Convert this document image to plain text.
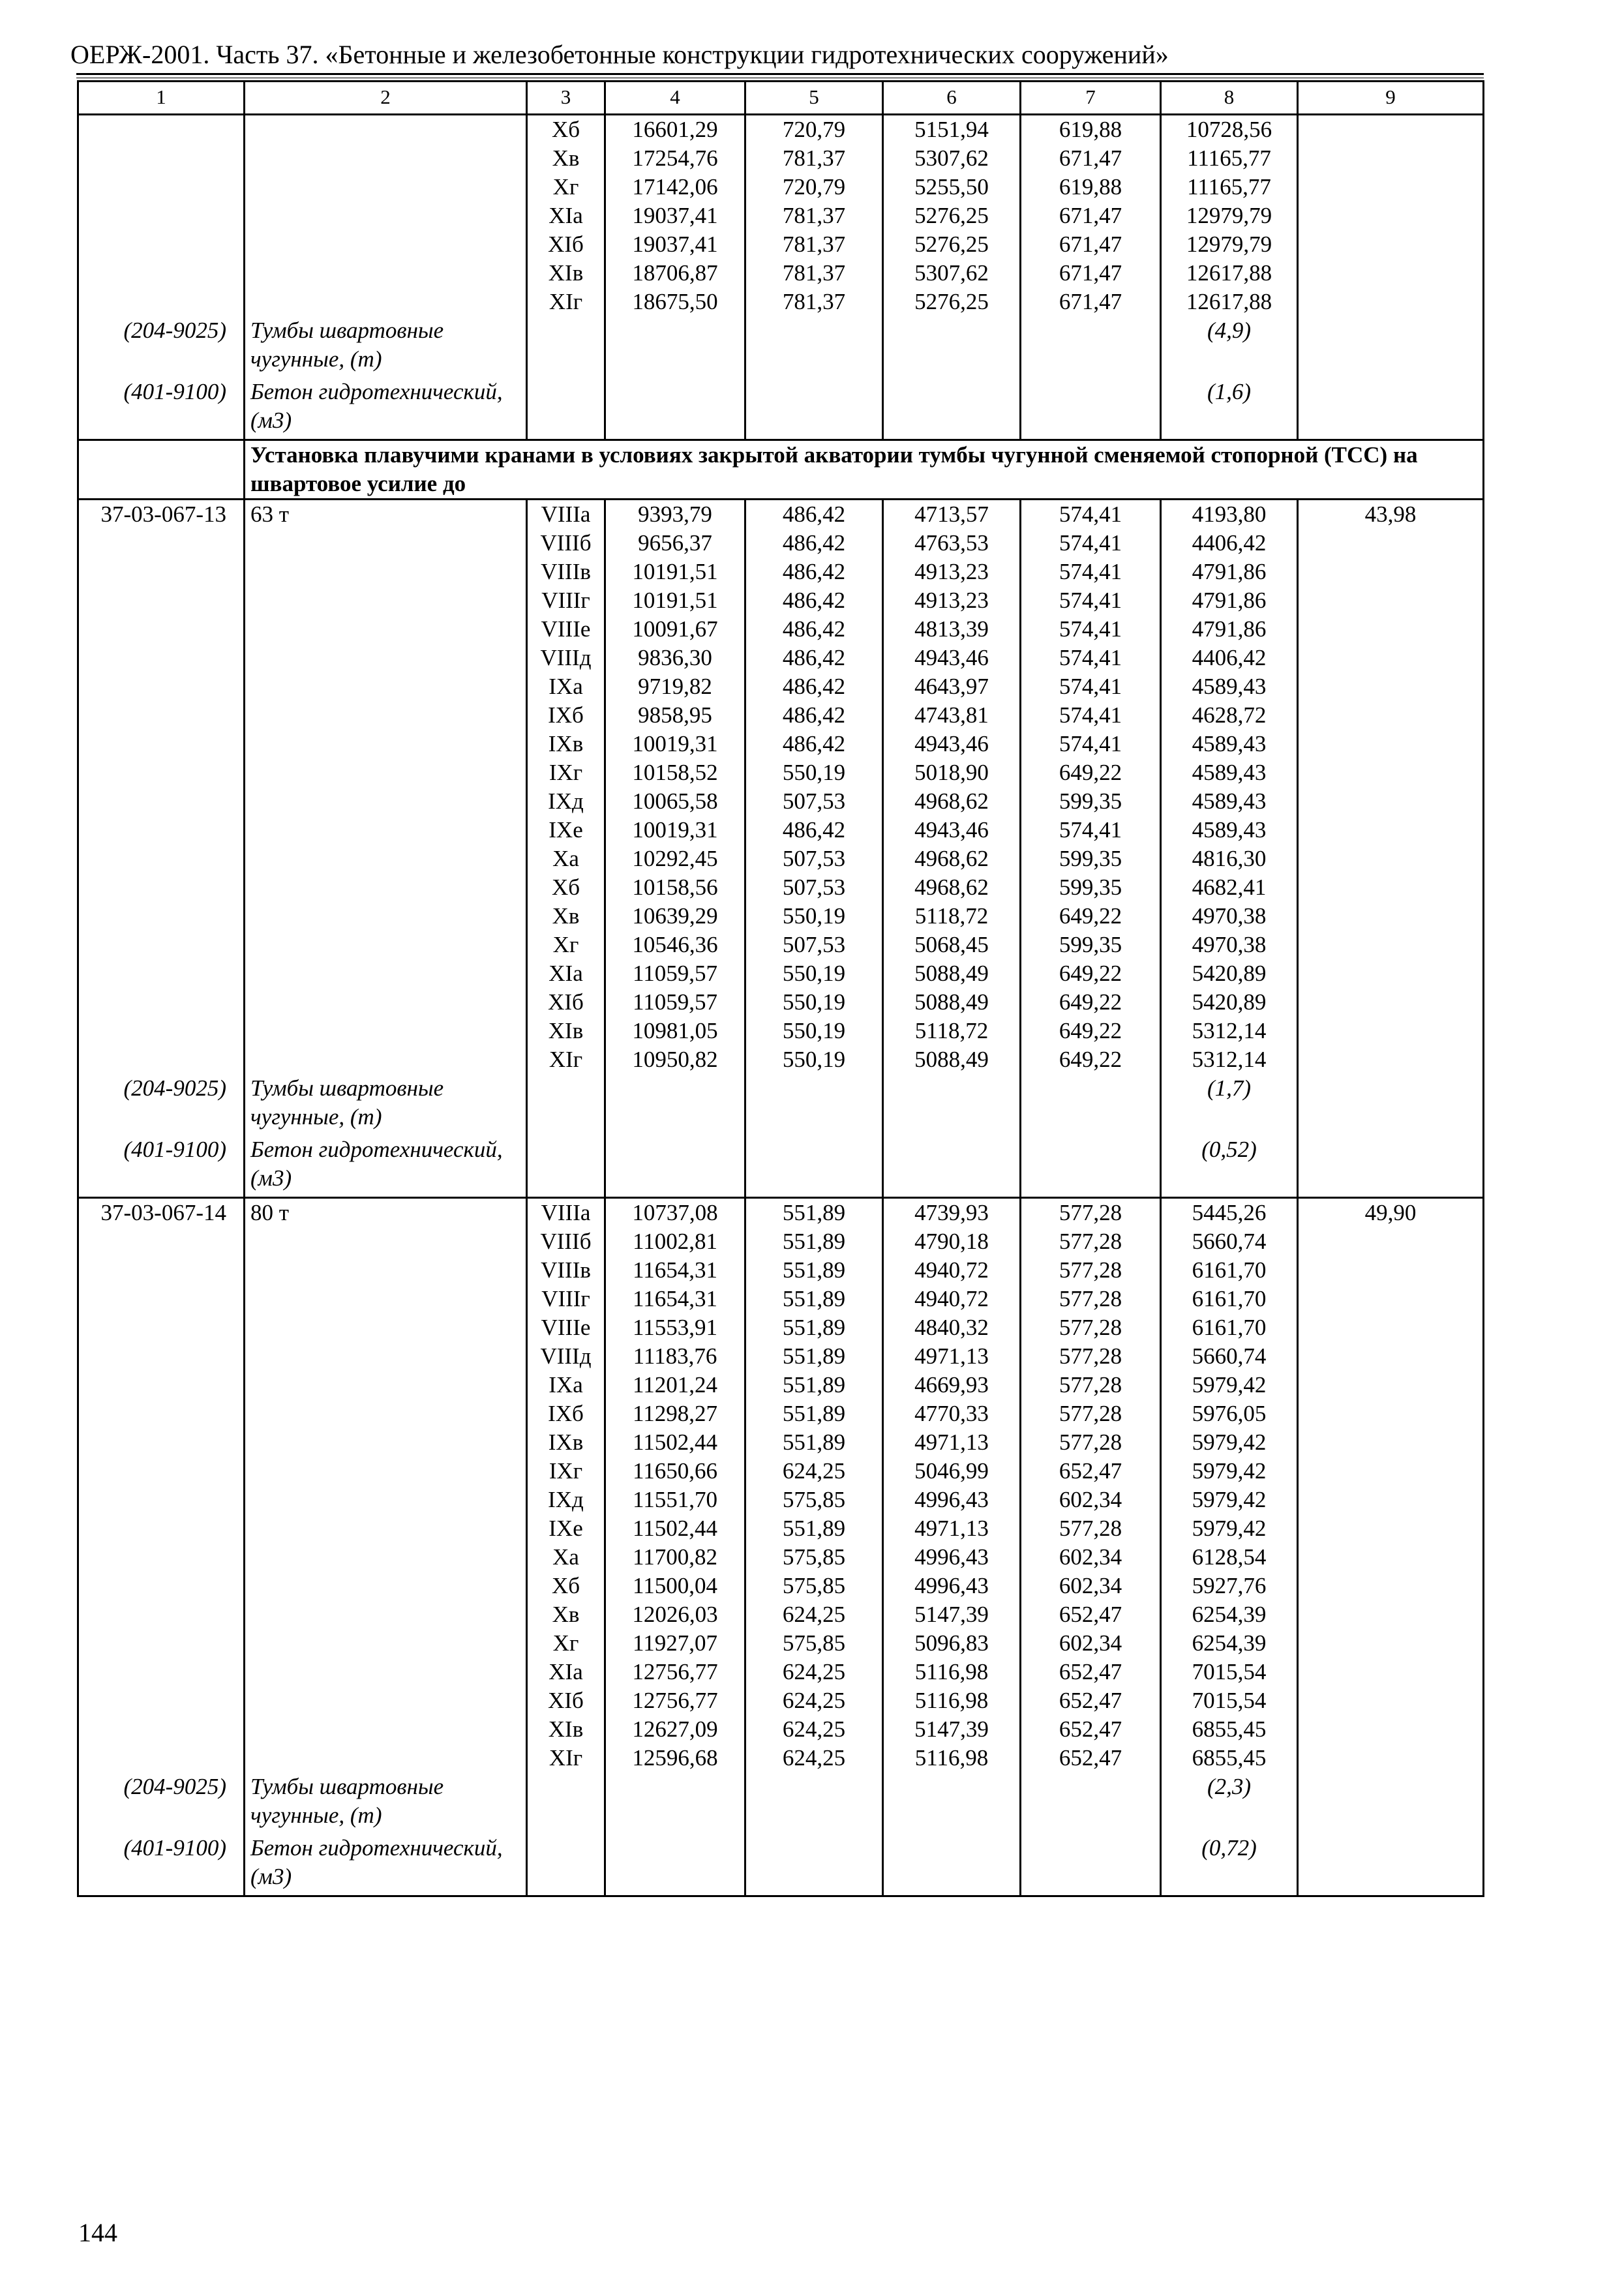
ОЕРЖ-2001. Часть 37. «Бетонные и железобетонные конструкции гидротехнических сооружений»
1	2	3	4	5	6	7	8	9
		Хб	16601,29	720,79	5151,94	619,88	10728,56	
		Хв	17254,76	781,37	5307,62	671,47	11165,77	
		Хг	17142,06	720,79	5255,50	619,88	11165,77	
		ХIа	19037,41	781,37	5276,25	671,47	12979,79	
		ХIб	19037,41	781,37	5276,25	671,47	12979,79	
		ХIв	18706,87	781,37	5307,62	671,47	12617,88	
		ХIг	18675,50	781,37	5276,25	671,47	12617,88	
(204-9025)	Тумбы швартовные чугунные, (т)						(4,9)	
(401-9100)	Бетон гидротехнический, (м3)						(1,6)	
	Установка плавучими кранами в условиях закрытой акватории тумбы чугунной сменяемой стопорной (ТСС) на швартовое усилие до							
37-03-067-13	63 т	VIIIа	9393,79	486,42	4713,57	574,41	4193,80	43,98
		VIIIб	9656,37	486,42	4763,53	574,41	4406,42	
		VIIIв	10191,51	486,42	4913,23	574,41	4791,86	
		VIIIг	10191,51	486,42	4913,23	574,41	4791,86	
		VIIIе	10091,67	486,42	4813,39	574,41	4791,86	
		VIIIд	9836,30	486,42	4943,46	574,41	4406,42	
		IХа	9719,82	486,42	4643,97	574,41	4589,43	
		IХб	9858,95	486,42	4743,81	574,41	4628,72	
		IХв	10019,31	486,42	4943,46	574,41	4589,43	
		IХг	10158,52	550,19	5018,90	649,22	4589,43	
		IХд	10065,58	507,53	4968,62	599,35	4589,43	
		IХе	10019,31	486,42	4943,46	574,41	4589,43	
		Ха	10292,45	507,53	4968,62	599,35	4816,30	
		Хб	10158,56	507,53	4968,62	599,35	4682,41	
		Хв	10639,29	550,19	5118,72	649,22	4970,38	
		Хг	10546,36	507,53	5068,45	599,35	4970,38	
		ХIа	11059,57	550,19	5088,49	649,22	5420,89	
		ХIб	11059,57	550,19	5088,49	649,22	5420,89	
		ХIв	10981,05	550,19	5118,72	649,22	5312,14	
		ХIг	10950,82	550,19	5088,49	649,22	5312,14	
(204-9025)	Тумбы швартовные чугунные, (т)						(1,7)	
(401-9100)	Бетон гидротехнический, (м3)						(0,52)	
37-03-067-14	80 т	VIIIа	10737,08	551,89	4739,93	577,28	5445,26	49,90
		VIIIб	11002,81	551,89	4790,18	577,28	5660,74	
		VIIIв	11654,31	551,89	4940,72	577,28	6161,70	
		VIIIг	11654,31	551,89	4940,72	577,28	6161,70	
		VIIIе	11553,91	551,89	4840,32	577,28	6161,70	
		VIIIд	11183,76	551,89	4971,13	577,28	5660,74	
		IХа	11201,24	551,89	4669,93	577,28	5979,42	
		IХб	11298,27	551,89	4770,33	577,28	5976,05	
		IХв	11502,44	551,89	4971,13	577,28	5979,42	
		IХг	11650,66	624,25	5046,99	652,47	5979,42	
		IХд	11551,70	575,85	4996,43	602,34	5979,42	
		IХе	11502,44	551,89	4971,13	577,28	5979,42	
		Ха	11700,82	575,85	4996,43	602,34	6128,54	
		Хб	11500,04	575,85	4996,43	602,34	5927,76	
		Хв	12026,03	624,25	5147,39	652,47	6254,39	
		Хг	11927,07	575,85	5096,83	602,34	6254,39	
		ХIа	12756,77	624,25	5116,98	652,47	7015,54	
		ХIб	12756,77	624,25	5116,98	652,47	7015,54	
		ХIв	12627,09	624,25	5147,39	652,47	6855,45	
		ХIг	12596,68	624,25	5116,98	652,47	6855,45	
(204-9025)	Тумбы швартовные чугунные, (т)						(2,3)	
(401-9100)	Бетон гидротехнический, (м3)						(0,72)	
144
